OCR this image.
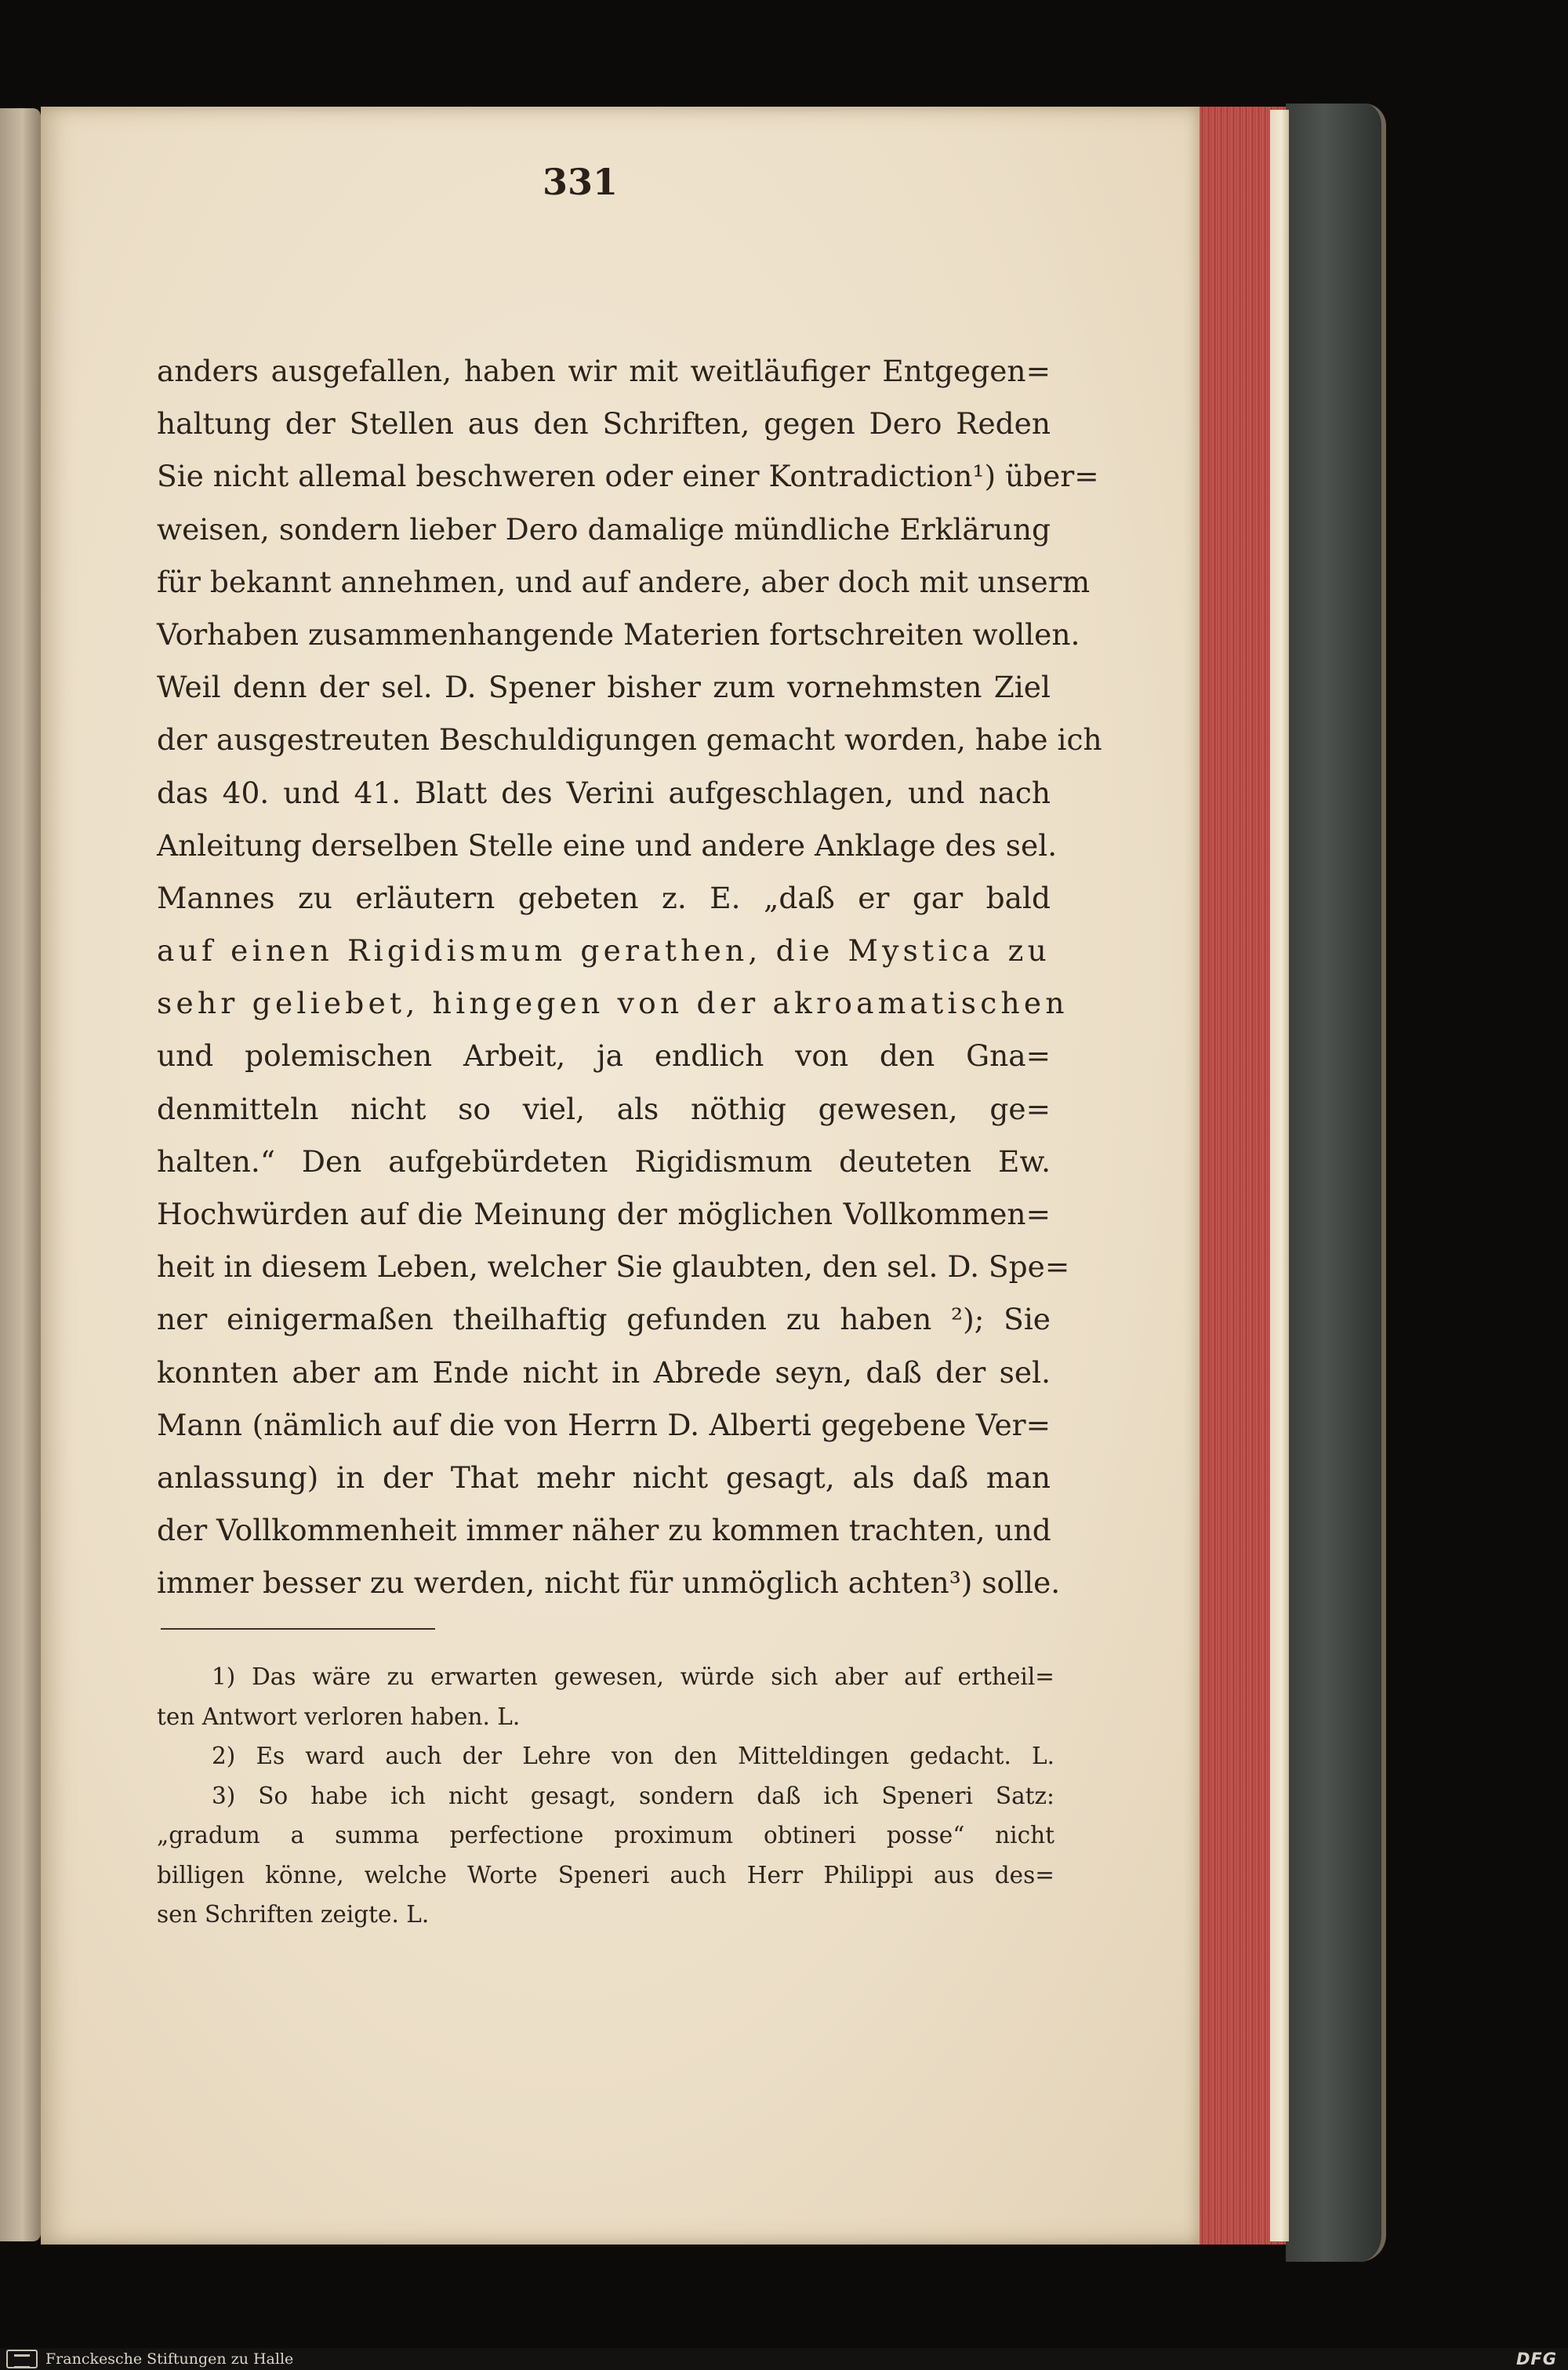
331
anders ausgefallen, haben wir mit weitläufiger Entgegen=
haltung der Stellen aus den Schriften, gegen Dero Reden
Sie nicht allemal beschweren oder einer Kontradiction¹) über=
weisen, sondern lieber Dero damalige mündliche Erklärung
für bekannt annehmen, und auf andere, aber doch mit unserm
Vorhaben zusammenhangende Materien fortschreiten wollen.
Weil denn der sel. D. Spener bisher zum vornehmsten Ziel
der ausgestreuten Beschuldigungen gemacht worden, habe ich
das 40. und 41. Blatt des Verini aufgeschlagen, und nach
Anleitung derselben Stelle eine und andere Anklage des sel.
Mannes zu erläutern gebeten z. E. „daß er gar bald
auf einen Rigidismum gerathen, die Mystica zu
sehr geliebet, hingegen von der akroamatischen
und polemischen Arbeit, ja endlich von den Gna=
denmitteln nicht so viel, als nöthig gewesen, ge=
halten.“ Den aufgebürdeten Rigidismum deuteten Ew.
Hochwürden auf die Meinung der möglichen Vollkommen=
heit in diesem Leben, welcher Sie glaubten, den sel. D. Spe=
ner einigermaßen theilhaftig gefunden zu haben ²); Sie
konnten aber am Ende nicht in Abrede seyn, daß der sel.
Mann (nämlich auf die von Herrn D. Alberti gegebene Ver=
anlassung) in der That mehr nicht gesagt, als daß man
der Vollkommenheit immer näher zu kommen trachten, und
immer besser zu werden, nicht für unmöglich achten³) solle.
1) Das wäre zu erwarten gewesen, würde sich aber auf ertheil=
ten Antwort verloren haben. L.
2) Es ward auch der Lehre von den Mitteldingen gedacht. L.
3) So habe ich nicht gesagt, sondern daß ich Speneri Satz:
„gradum a summa perfectione proximum obtineri posse“ nicht
billigen könne, welche Worte Speneri auch Herr Philippi aus des=
sen Schriften zeigte. L.
Franckesche Stiftungen zu Halle	DFG
